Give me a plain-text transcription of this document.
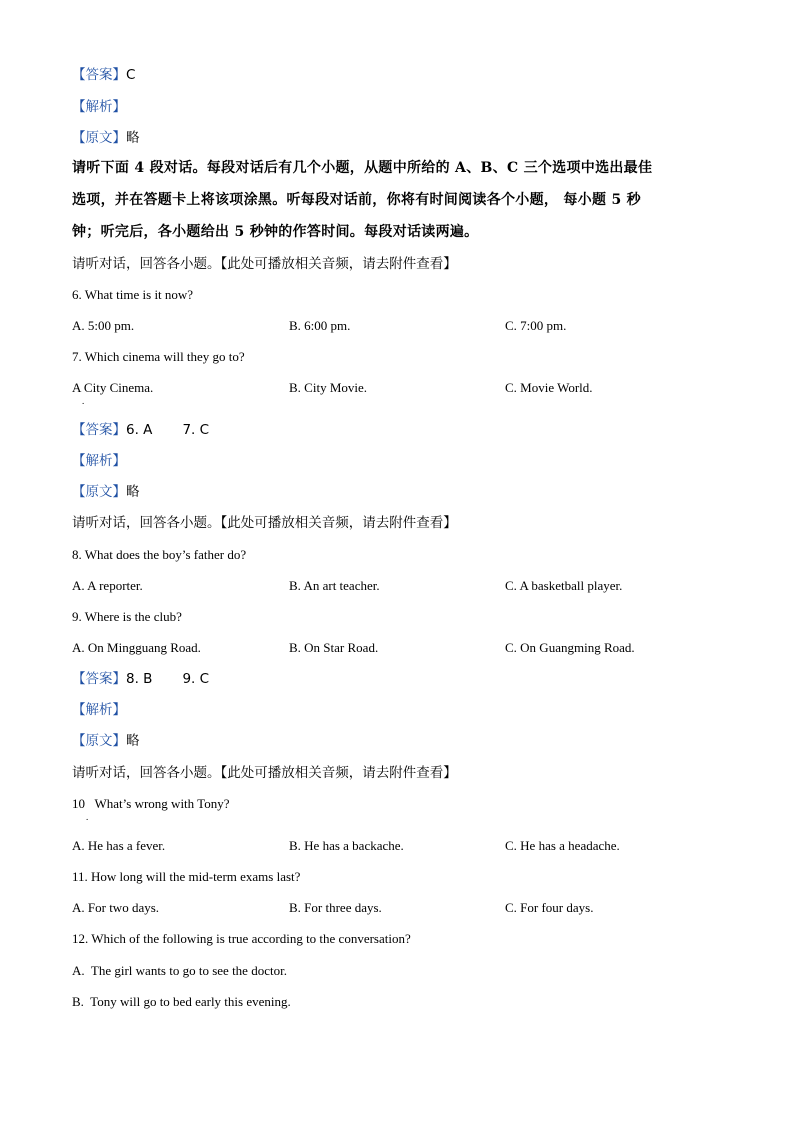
【答案】C
【解析】
【原文】略
请听下面 4 段对话。每段对话后有几个小题，从题中所给的 A、B、C 三个选项中选出最佳
选项，并在答题卡上将该项涂黑。听每段对话前，你将有时间阅读各个小题， 每小题 5 秒
钟；听完后，各小题给出 5 秒钟的作答时间。每段对话读两遍。
请听对话，回答各小题。【此处可播放相关音频，请去附件查看】
6. What time is it now?
A. 5:00 pm.	B. 6:00 pm.	C. 7:00 pm.
7. Which cinema will they go to?
A City Cinema.
.
B. City Movie.	C. Movie World.
【答案】6. A       7. C
【解析】
【原文】略
请听对话，回答各小题。【此处可播放相关音频，请去附件查看】
8. What does the boy’s father do?
A. A reporter.	B. An art teacher.	C. A basketball player.
9. Where is the club?
A. On Mingguang Road.	B. On Star Road.	C. On Guangming Road.
【答案】8. B       9. C
【解析】
【原文】略
请听对话，回答各小题。【此处可播放相关音频，请去附件查看】
10   What’s wrong with Tony?
.
A. He has a fever.	B. He has a backache.	C. He has a headache.
11. How long will the mid-term exams last?
A. For two days.	B. For three days.	C. For four days.
12. Which of the following is true according to the conversation?
A.  The girl wants to go to see the doctor.
B.  Tony will go to bed early this evening.
